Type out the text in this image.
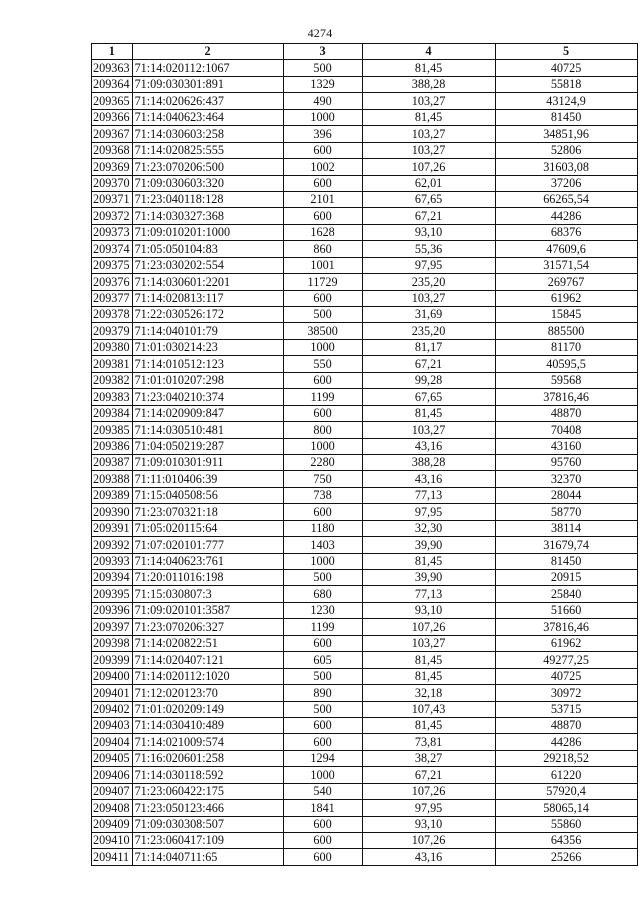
4274
1	2	3	4	5
209363	71:14:020112:1067	500	81,45	40725
209364	71:09:030301:891	1329	388,28	55818
209365	71:14:020626:437	490	103,27	43124,9
209366	71:14:040623:464	1000	81,45	81450
209367	71:14:030603:258	396	103,27	34851,96
209368	71:14:020825:555	600	103,27	52806
209369	71:23:070206:500	1002	107,26	31603,08
209370	71:09:030603:320	600	62,01	37206
209371	71:23:040118:128	2101	67,65	66265,54
209372	71:14:030327:368	600	67,21	44286
209373	71:09:010201:1000	1628	93,10	68376
209374	71:05:050104:83	860	55,36	47609,6
209375	71:23:030202:554	1001	97,95	31571,54
209376	71:14:030601:2201	11729	235,20	269767
209377	71:14:020813:117	600	103,27	61962
209378	71:22:030526:172	500	31,69	15845
209379	71:14:040101:79	38500	235,20	885500
209380	71:01:030214:23	1000	81,17	81170
209381	71:14:010512:123	550	67,21	40595,5
209382	71:01:010207:298	600	99,28	59568
209383	71:23:040210:374	1199	67,65	37816,46
209384	71:14:020909:847	600	81,45	48870
209385	71:14:030510:481	800	103,27	70408
209386	71:04:050219:287	1000	43,16	43160
209387	71:09:010301:911	2280	388,28	95760
209388	71:11:010406:39	750	43,16	32370
209389	71:15:040508:56	738	77,13	28044
209390	71:23:070321:18	600	97,95	58770
209391	71:05:020115:64	1180	32,30	38114
209392	71:07:020101:777	1403	39,90	31679,74
209393	71:14:040623:761	1000	81,45	81450
209394	71:20:011016:198	500	39,90	20915
209395	71:15:030807:3	680	77,13	25840
209396	71:09:020101:3587	1230	93,10	51660
209397	71:23:070206:327	1199	107,26	37816,46
209398	71:14:020822:51	600	103,27	61962
209399	71:14:020407:121	605	81,45	49277,25
209400	71:14:020112:1020	500	81,45	40725
209401	71:12:020123:70	890	32,18	30972
209402	71:01:020209:149	500	107,43	53715
209403	71:14:030410:489	600	81,45	48870
209404	71:14:021009:574	600	73,81	44286
209405	71:16:020601:258	1294	38,27	29218,52
209406	71:14:030118:592	1000	67,21	61220
209407	71:23:060422:175	540	107,26	57920,4
209408	71:23:050123:466	1841	97,95	58065,14
209409	71:09:030308:507	600	93,10	55860
209410	71:23:060417:109	600	107,26	64356
209411	71:14:040711:65	600	43,16	25266
